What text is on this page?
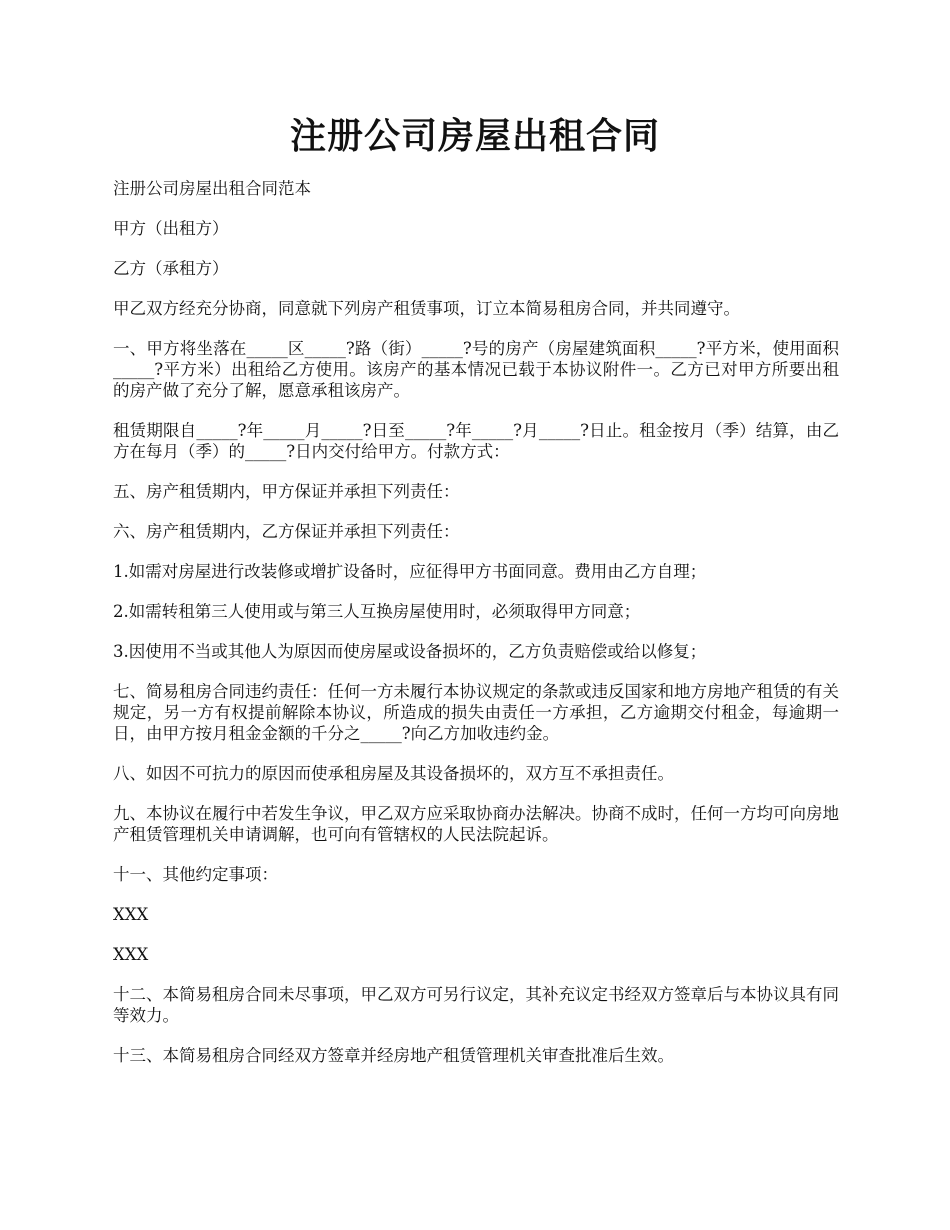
注册公司房屋出租合同

注册公司房屋出租合同范本

甲方（出租方）

乙方（承租方）

甲乙双方经充分协商，同意就下列房产租赁事项，订立本简易租房合同，并共同遵守。

一、甲方将坐落在_____区_____?路（街）_____?号的房产（房屋建筑面积_____?平方米，使用面积_____?平方米）出租给乙方使用。该房产的基本情况已载于本协议附件一。乙方已对甲方所要出租的房产做了充分了解，愿意承租该房产。

租赁期限自_____?年_____月_____?日至_____?年_____?月_____?日止。租金按月（季）结算，由乙方在每月（季）的_____?日内交付给甲方。付款方式：

五、房产租赁期内，甲方保证并承担下列责任：

六、房产租赁期内，乙方保证并承担下列责任：

1.如需对房屋进行改装修或增扩设备时，应征得甲方书面同意。费用由乙方自理；

2.如需转租第三人使用或与第三人互换房屋使用时，必须取得甲方同意；

3.因使用不当或其他人为原因而使房屋或设备损坏的，乙方负责赔偿或给以修复；

七、简易租房合同违约责任：任何一方未履行本协议规定的条款或违反国家和地方房地产租赁的有关规定，另一方有权提前解除本协议，所造成的损失由责任一方承担，乙方逾期交付租金，每逾期一日，由甲方按月租金金额的千分之_____?向乙方加收违约金。

八、如因不可抗力的原因而使承租房屋及其设备损坏的，双方互不承担责任。

九、本协议在履行中若发生争议，甲乙双方应采取协商办法解决。协商不成时，任何一方均可向房地产租赁管理机关申请调解，也可向有管辖权的人民法院起诉。

十一、其他约定事项：

XXX

XXX

十二、本简易租房合同未尽事项，甲乙双方可另行议定，其补充议定书经双方签章后与本协议具有同等效力。

十三、本简易租房合同经双方签章并经房地产租赁管理机关审查批准后生效。
